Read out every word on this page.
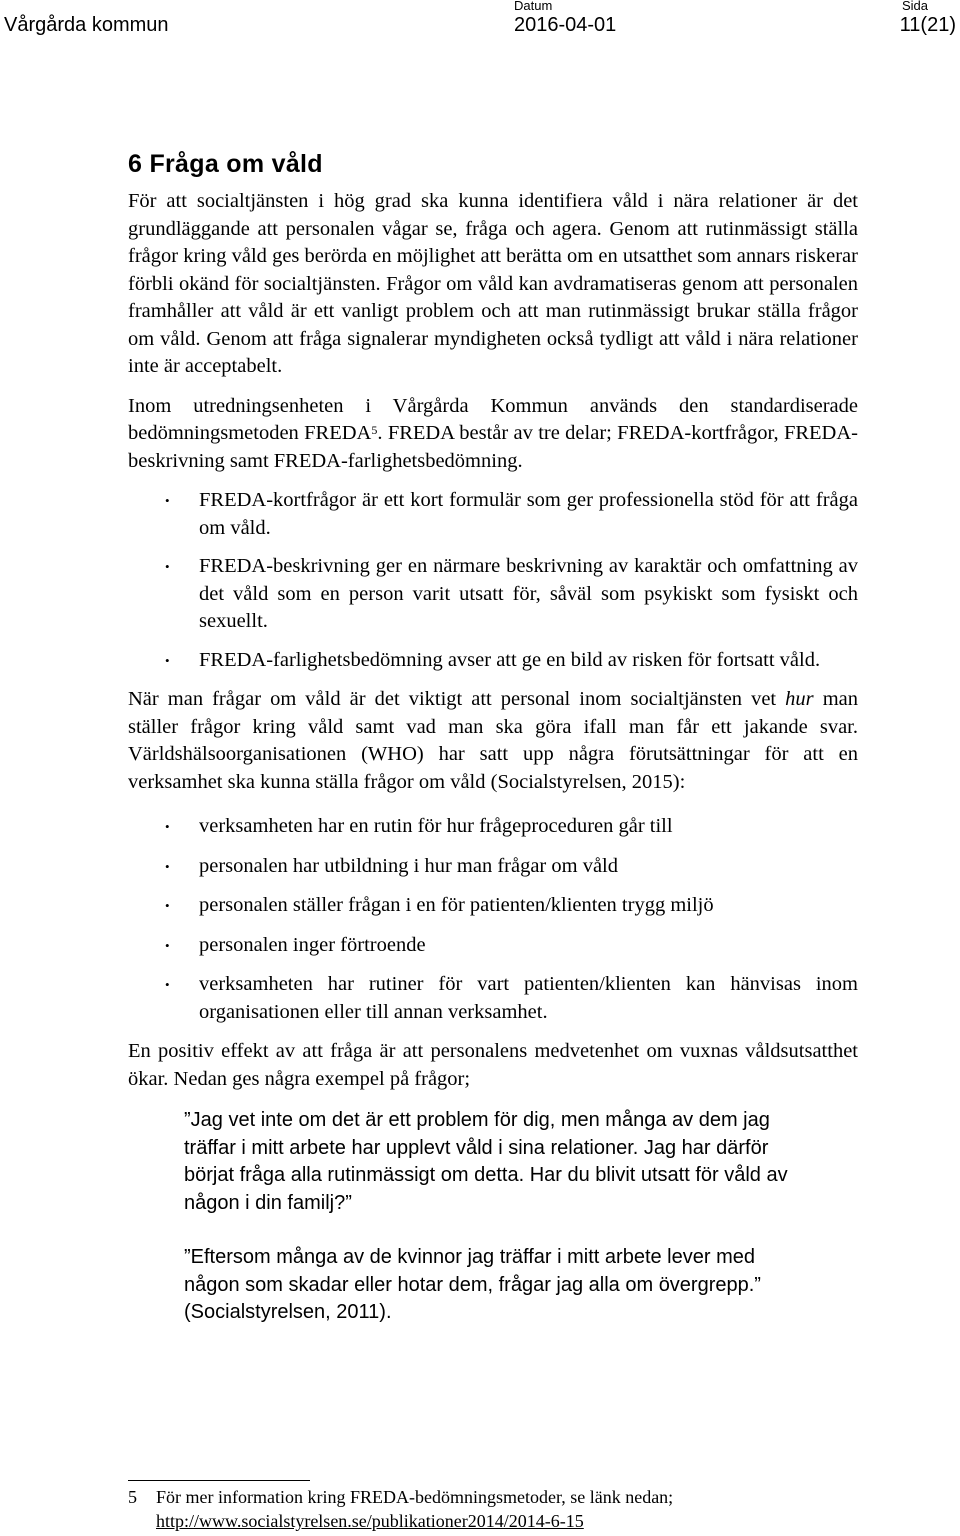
Vårgårda kommun
Datum
2016-04-01
Sida
11(21)
6 Fråga om våld

För att socialtjänsten i hög grad ska kunna identifiera våld i nära relationer är det grundläggande att personalen vågar se, fråga och agera. Genom att rutinmässigt ställa frågor kring våld ges berörda en möjlighet att berätta om en utsatthet som annars riskerar förbli okänd för socialtjänsten. Frågor om våld kan avdramatiseras genom att personalen framhåller att våld är ett vanligt problem och att man rutinmässigt brukar ställa frågor om våld. Genom att fråga signalerar myndigheten också tydligt att våld i nära relationer inte är acceptabelt.

Inom utredningsenheten i Vårgårda Kommun används den standardiserade bedömningsmetoden FREDA$^5$. FREDA består av tre delar; FREDA-kortfrågor, FREDA-beskrivning samt FREDA-farlighetsbedömning.

• FREDA-kortfrågor är ett kort formulär som ger professionella stöd för att fråga om våld.
• FREDA-beskrivning ger en närmare beskrivning av karaktär och omfattning av det våld som en person varit utsatt för, såväl som psykiskt som fysiskt och sexuellt.
• FREDA-farlighetsbedömning avser att ge en bild av risken för fortsatt våld.

När man frågar om våld är det viktigt att personal inom socialtjänsten vet hur man ställer frågor kring våld samt vad man ska göra ifall man får ett jakande svar. Världshälsoorganisationen (WHO) har satt upp några förutsättningar för att en verksamhet ska kunna ställa frågor om våld (Socialstyrelsen, 2015):

• verksamheten har en rutin för hur frågeproceduren går till
• personalen har utbildning i hur man frågar om våld
• personalen ställer frågan i en för patienten/klienten trygg miljö
• personalen inger förtroende
• verksamheten har rutiner för vart patienten/klienten kan hänvisas inom organisationen eller till annan verksamhet.

En positiv effekt av att fråga är att personalens medvetenhet om vuxnas våldsutsatthet ökar. Nedan ges några exempel på frågor;

”Jag vet inte om det är ett problem för dig, men många av dem jag träffar i mitt arbete har upplevt våld i sina relationer. Jag har därför börjat fråga alla rutinmässigt om detta. Har du blivit utsatt för våld av någon i din familj?”
”Eftersom många av de kvinnor jag träffar i mitt arbete lever med någon som skadar eller hotar dem, frågar jag alla om övergrepp.” (Socialstyrelsen, 2011).
5 För mer information kring FREDA-bedömningsmetoder, se länk nedan;
http://www.socialstyrelsen.se/publikationer2014/2014-6-15
